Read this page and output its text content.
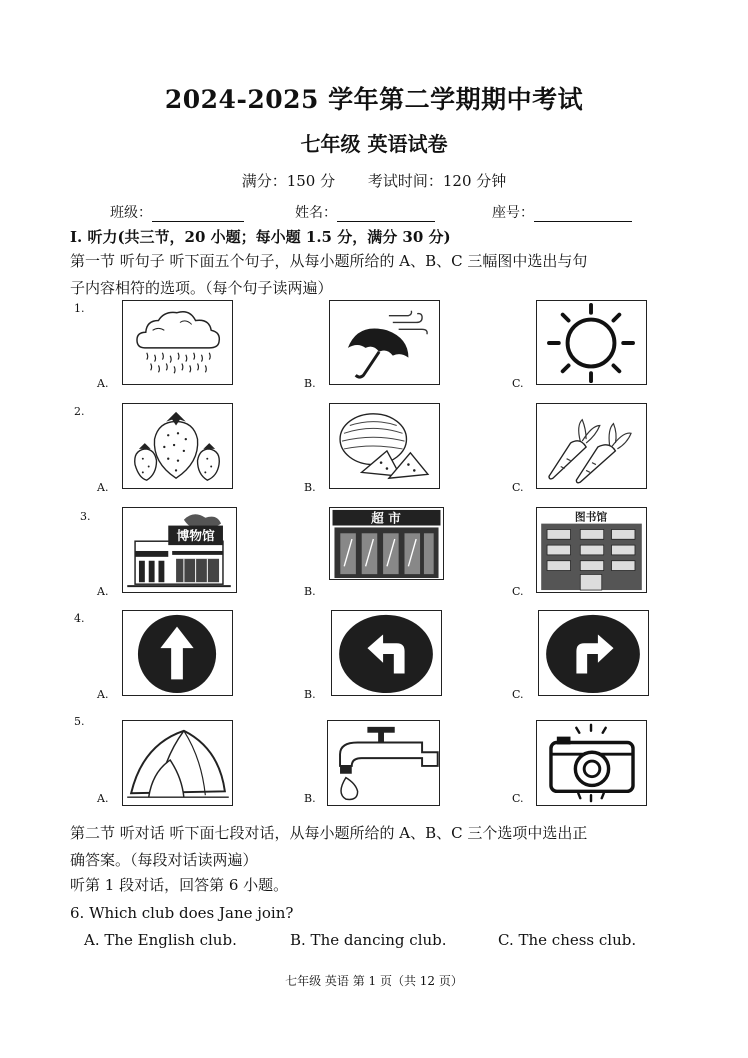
2024-2025 学年第二学期期中考试
七年级 英语试卷
满分：150 分 考试时间：120 分钟
班级：	姓名：	座号：
I. 听力(共三节，20 小题；每小题 1.5 分，满分 30 分)
第一节 听句子 听下面五个句子，从每小题所给的 A、B、C 三幅图中选出与句
子内容相符的选项。（每个句子读两遍）
1.
2.
3.
4.
5.
A.	B.	C.
A.	B.	C.
A.	B.	C.
A.	B.	C.
A.	B.	C.
博物馆
超 市	图书馆
第二节 听对话 听下面七段对话，从每小题所给的 A、B、C 三个选项中选出正
确答案。（每段对话读两遍）
听第 1 段对话，回答第 6 小题。
6. Which club does Jane join?
A. The English club.	B. The dancing club.	C. The chess club.
七年级 英语 第 1 页（共 12 页）
